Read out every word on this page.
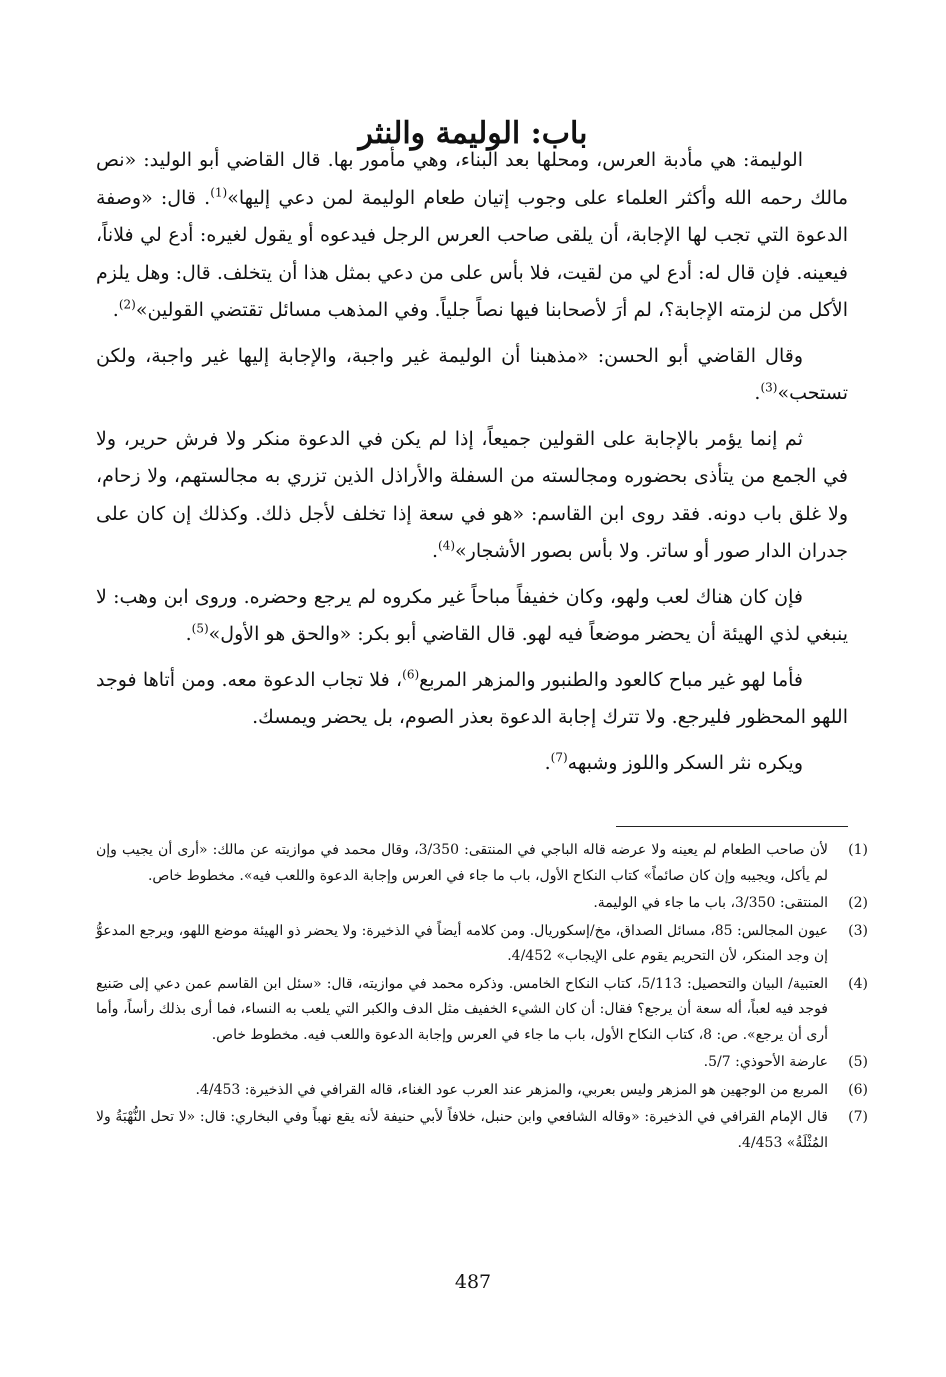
باب: الوليمة والنثر

الوليمة: هي مأدبة العرس، ومحلها بعد البناء، وهي مأمور بها. قال القاضي أبو الوليد: «نص مالك رحمه الله وأكثر العلماء على وجوب إتيان طعام الوليمة لمن دعي إليها»$^{(1)}$. قال: «وصفة الدعوة التي تجب لها الإجابة، أن يلقى صاحب العرس الرجل فيدعوه أو يقول لغيره: أدع لي فلاناً، فيعينه. فإن قال له: أدع لي من لقيت، فلا بأس على من دعي بمثل هذا أن يتخلف. قال: وهل يلزم الأكل من لزمته الإجابة؟، لم أرَ لأصحابنا فيها نصاً جلياً. وفي المذهب مسائل تقتضي القولين»$^{(2)}$.

وقال القاضي أبو الحسن: «مذهبنا أن الوليمة غير واجبة، والإجابة إليها غير واجبة، ولكن تستحب»$^{(3)}$.

ثم إنما يؤمر بالإجابة على القولين جميعاً، إذا لم يكن في الدعوة منكر ولا فرش حرير، ولا في الجمع من يتأذى بحضوره ومجالسته من السفلة والأراذل الذين تزري به مجالستهم، ولا زحام، ولا غلق باب دونه. فقد روى ابن القاسم: «هو في سعة إذا تخلف لأجل ذلك. وكذلك إن كان على جدران الدار صور أو ساتر. ولا بأس بصور الأشجار»$^{(4)}$.

فإن كان هناك لعب ولهو، وكان خفيفاً مباحاً غير مكروه لم يرجع وحضره. وروى ابن وهب: لا ينبغي لذي الهيئة أن يحضر موضعاً فيه لهو. قال القاضي أبو بكر: «والحق هو الأول»$^{(5)}$.

فأما لهو غير مباح كالعود والطنبور والمزهر المربع$^{(6)}$، فلا تجاب الدعوة معه. ومن أتاها فوجد اللهو المحظور فليرجع. ولا تترك إجابة الدعوة بعذر الصوم، بل يحضر ويمسك.

ويكره نثر السكر واللوز وشبهه$^{(7)}$.

(1)
لأن صاحب الطعام لم يعينه ولا عرضه قاله الباجي في المنتقى: 3/350، وقال محمد في موازيته عن مالك: «أرى أن يجيب وإن لم يأكل، ويجيبه وإن كان صائماً» كتاب النكاح الأول، باب ما جاء في العرس وإجابة الدعوة واللعب فيه». مخطوط خاص.
(2)
المنتقى: 3/350، باب ما جاء في الوليمة.
(3)
عيون المجالس: 85، مسائل الصداق، مخ/إسكوريال. ومن كلامه أيضاً في الذخيرة: ولا يحضر ذو الهيئة موضع اللهو، ويرجع المدعوُّ إن وجد المنكر، لأن التحريم يقوم على الإيجاب» 4/452.
(4)
العتبية/ البيان والتحصيل: 5/113، كتاب النكاح الخامس. وذكره محمد في موازيته، قال: «سئل ابن القاسم عمن دعي إلى صَنيع فوجد فيه لعباً، أله سعة أن يرجع؟ فقال: أن كان الشيء الخفيف مثل الدف والكبر التي يلعب به النساء، فما أرى بذلك رأساً، وأما أرى أن يرجع». ص: 8، كتاب النكاح الأول، باب ما جاء في العرس وإجابة الدعوة واللعب فيه. مخطوط خاص.
(5)
عارضة الأحوذي: 5/7.
(6)
المربع من الوجهين هو المزهر وليس بعربي، والمزهر عند العرب عود الغناء، قاله القرافي في الذخيرة: 4/453.
(7)
قال الإمام القرافي في الذخيرة: «وقاله الشافعي وابن حنبل، خلافاً لأبي حنيفة لأنه يقع نهباً وفي البخاري: قال: «لا تحل النُّهْبَةُ ولا المُثْلَةُ» 4/453.
487
